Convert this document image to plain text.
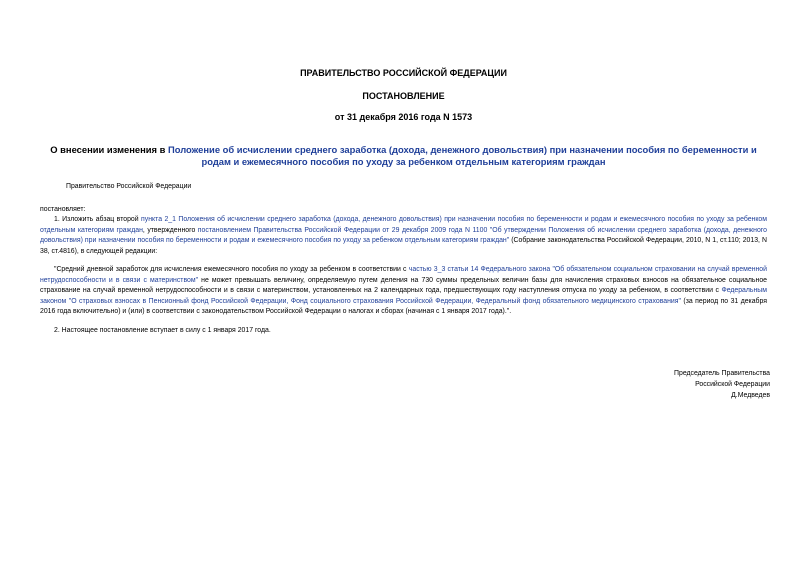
ПРАВИТЕЛЬСТВО РОССИЙСКОЙ ФЕДЕРАЦИИ
ПОСТАНОВЛЕНИЕ
от 31 декабря 2016 года N 1573
О внесении изменения в Положение об исчислении среднего заработка (дохода, денежного довольствия) при назначении пособия по беременности и родам и ежемесячного пособия по уходу за ребенком отдельным категориям граждан
Правительство Российской Федерации
постановляет:
1. Изложить абзац второй пункта 2_1 Положения об исчислении среднего заработка (дохода, денежного довольствия) при назначении пособия по беременности и родам и ежемесячного пособия по уходу за ребенком отдельным категориям граждан, утвержденного постановлением Правительства Российской Федерации от 29 декабря 2009 года N 1100 "Об утверждении Положения об исчислении среднего заработка (дохода, денежного довольствия) при назначении пособия по беременности и родам и ежемесячного пособия по уходу за ребенком отдельным категориям граждан" (Собрание законодательства Российской Федерации, 2010, N 1, ст.110; 2013, N 38, ст.4816), в следующей редакции:
"Средний дневной заработок для исчисления ежемесячного пособия по уходу за ребенком в соответствии с частью 3_3 статьи 14 Федерального закона "Об обязательном социальном страховании на случай временной нетрудоспособности и в связи с материнством" не может превышать величину, определяемую путем деления на 730 суммы предельных величин базы для начисления страховых взносов на обязательное социальное страхование на случай временной нетрудоспособности и в связи с материнством, установленных на 2 календарных года, предшествующих году наступления отпуска по уходу за ребенком, в соответствии с Федеральным законом "О страховых взносах в Пенсионный фонд Российской Федерации, Фонд социального страхования Российской Федерации, Федеральный фонд обязательного медицинского страхования" (за период по 31 декабря 2016 года включительно) и (или) в соответствии с законодательством Российской Федерации о налогах и сборах (начиная с 1 января 2017 года).".
2. Настоящее постановление вступает в силу с 1 января 2017 года.
Председатель Правительства
Российской Федерации
Д.Медведев
